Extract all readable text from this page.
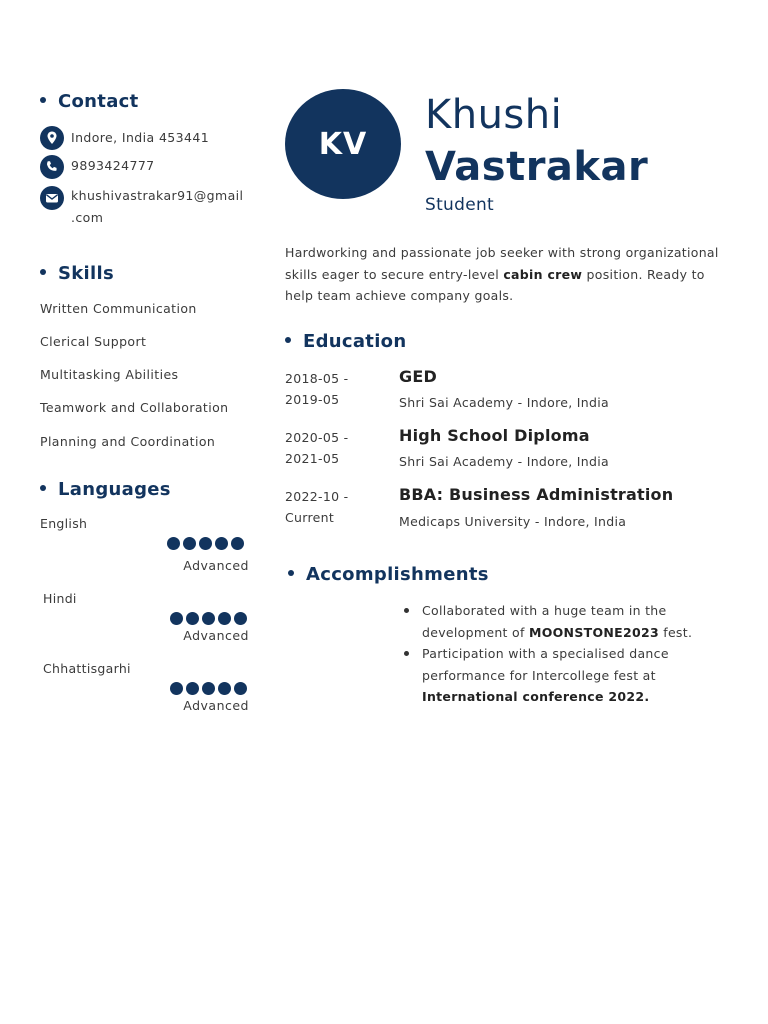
Contact
Indore, India 453441
9893424777
khushivastrakar91@gmail
.com
Skills
Written Communication
Clerical Support
Multitasking Abilities
Teamwork and Collaboration
Planning and Coordination
Languages
English
Advanced
Hindi
Advanced
Chhattisgarhi
Advanced
KV
Khushi
Vastrakar
Student
Hardworking and passionate job seeker with strong organizational skills eager to secure entry-level cabin crew position. Ready to help team achieve company goals.
Education
2018-05 -
2019-05
GED
Shri Sai Academy - Indore, India
2020-05 -
2021-05
High School Diploma
Shri Sai Academy - Indore, India
2022-10 -
Current
BBA: Business Administration
Medicaps University - Indore, India
Accomplishments
Collaborated with a huge team in the development of MOONSTONE2023 fest.
Participation with a specialised dance performance for Intercollege fest at International conference 2022.
